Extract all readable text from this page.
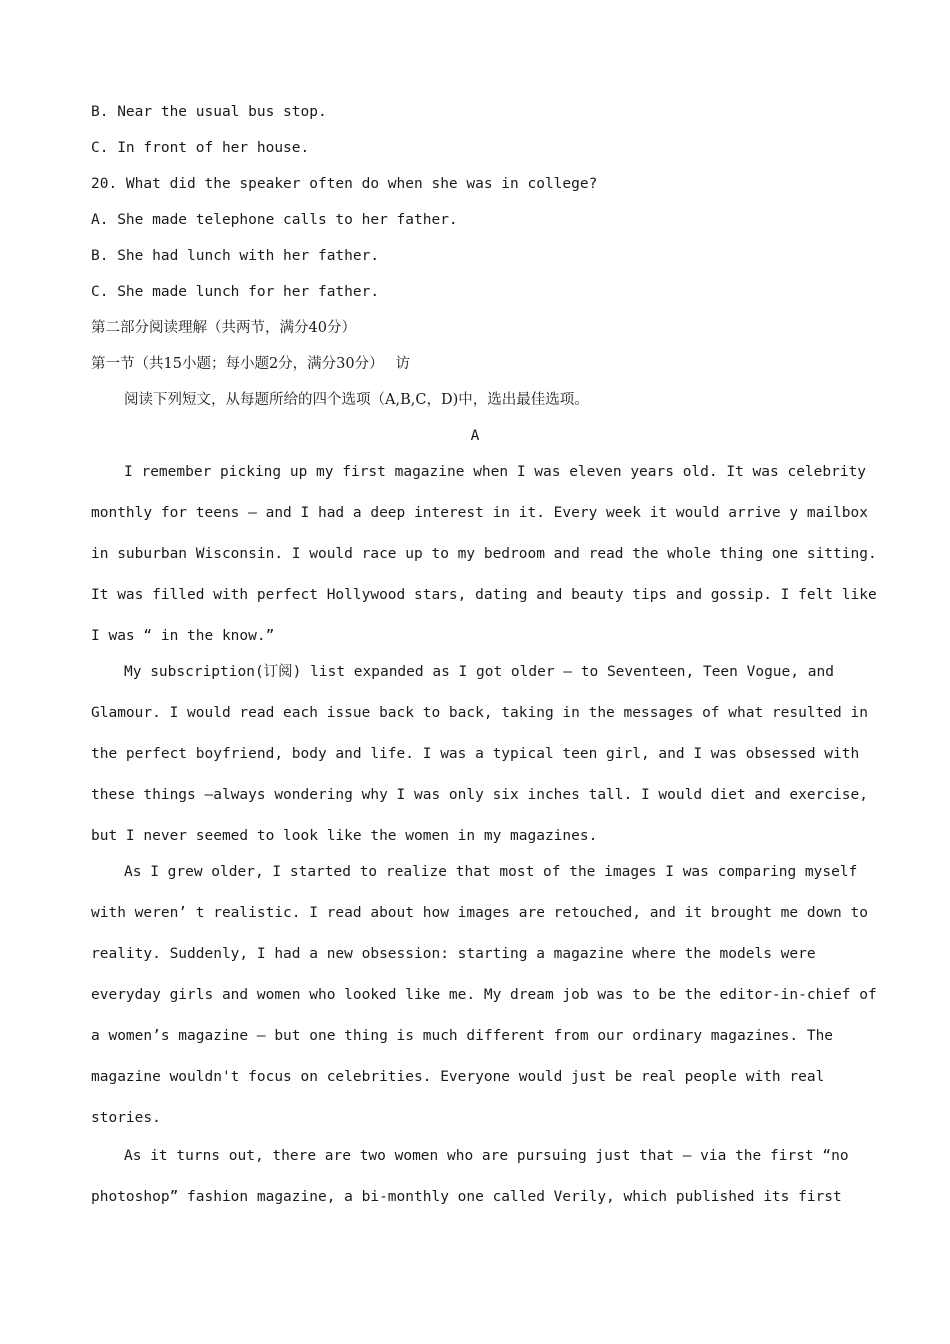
B. Near the usual bus stop.
C. In front of her house.
20. What did the speaker often do when she was in college?
A. She made telephone calls to her father.
B. She had lunch with her father.
C. She made lunch for her father.
第二部分阅读理解（共两节，满分40分）
第一节（共15小题；每小题2分，满分30分）　 访
阅读下列短文，从每题所给的四个选项（A,B,C，D)中，选出最佳选项。
A
I remember picking up my first magazine when I was eleven years old. It was celebrity
monthly for teens — and I had a deep interest in it. Every week it would arrive y mailbox
in suburban Wisconsin. I would race up to my bedroom and read the whole thing one sitting.
It was filled with perfect Hollywood stars, dating and beauty tips and gossip. I felt like
I was “ in the know.”
My subscription(订阅) list expanded as I got older — to Seventeen, Teen Vogue, and
Glamour. I would read each issue back to back, taking in the messages of what resulted in
the perfect boyfriend, body and life. I was a typical teen girl, and I was obsessed with
these things —always wondering why I was only six inches tall. I would diet and exercise,
but I never seemed to look like the women in my magazines.
As I grew older, I started to realize that most of the images I was comparing myself
with weren’ t realistic. I read about how images are retouched, and it brought me down to
reality. Suddenly, I had a new obsession: starting a magazine where the models were
everyday girls and women who looked like me. My dream job was to be the editor-in-chief of
a women’s magazine — but one thing is much different from our ordinary magazines. The
magazine wouldn't focus on celebrities. Everyone would just be real people with real
stories.
As it turns out, there are two women who are pursuing just that — via the first “no
photoshop” fashion magazine, a bi-monthly one called Verily, which published its first
